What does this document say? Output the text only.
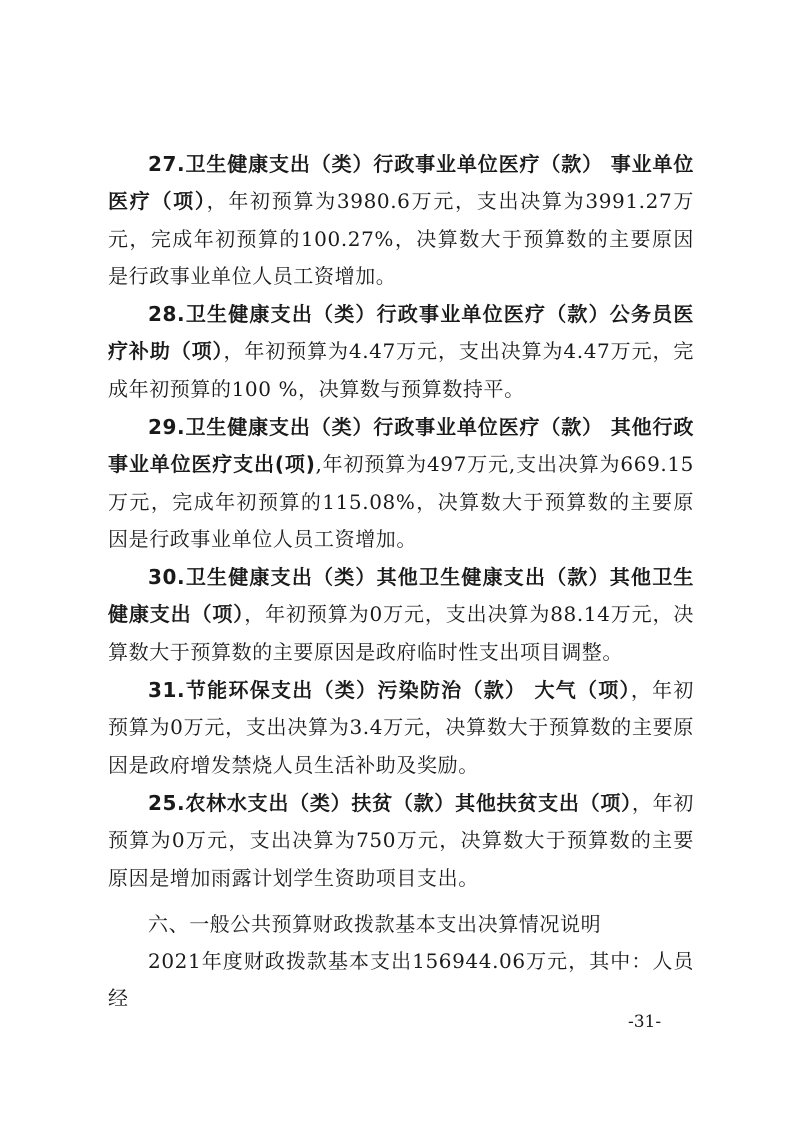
27.卫生健康支出（类）行政事业单位医疗（款） 事业单位医疗（项），年初预算为3980.6万元，支出决算为3991.27万元，完成年初预算的100.27%，决算数大于预算数的主要原因是行政事业单位人员工资增加。
28.卫生健康支出（类）行政事业单位医疗（款）公务员医疗补助（项），年初预算为4.47万元，支出决算为4.47万元，完成年初预算的100 %，决算数与预算数持平。
29.卫生健康支出（类）行政事业单位医疗（款） 其他行政事业单位医疗支出(项),年初预算为497万元,支出决算为669.15万元，完成年初预算的115.08%，决算数大于预算数的主要原因是行政事业单位人员工资增加。
30.卫生健康支出（类）其他卫生健康支出（款）其他卫生健康支出（项），年初预算为0万元，支出决算为88.14万元，决算数大于预算数的主要原因是政府临时性支出项目调整。
31.节能环保支出（类）污染防治（款） 大气（项），年初预算为0万元，支出决算为3.4万元，决算数大于预算数的主要原因是政府增发禁烧人员生活补助及奖励。
25.农林水支出（类）扶贫（款）其他扶贫支出（项），年初预算为0万元，支出决算为750万元，决算数大于预算数的主要原因是增加雨露计划学生资助项目支出。
六、一般公共预算财政拨款基本支出决算情况说明
2021年度财政拨款基本支出156944.06万元，其中：人员经
-31-
